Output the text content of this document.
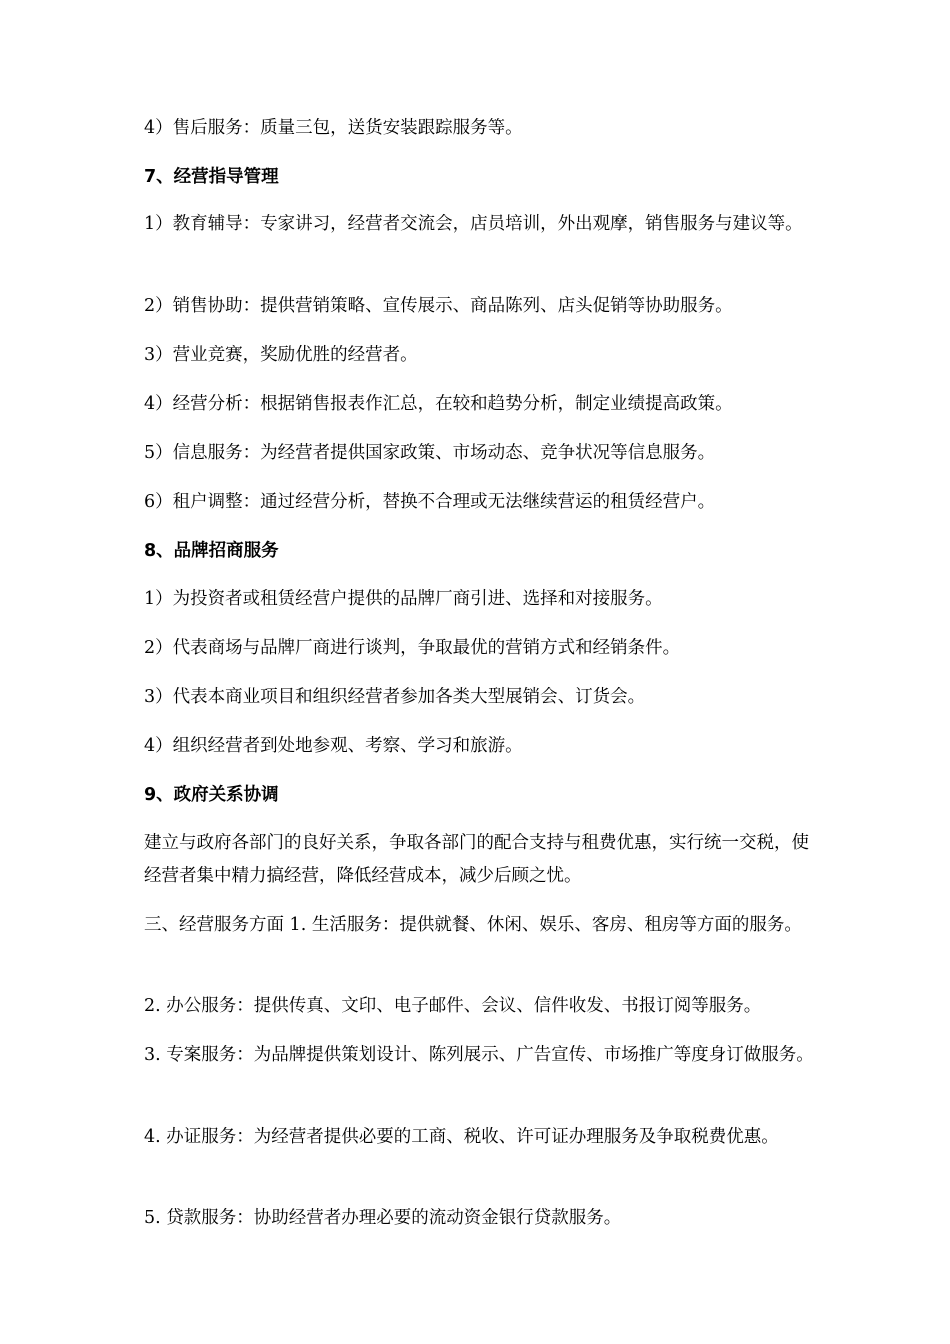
4）售后服务：质量三包，送货安装跟踪服务等。
7、经营指导管理
1）教育辅导：专家讲习，经营者交流会，店员培训，外出观摩，销售服务与建议等。
2）销售协助：提供营销策略、宣传展示、商品陈列、店头促销等协助服务。
3）营业竞赛，奖励优胜的经营者。
4）经营分析：根据销售报表作汇总，在较和趋势分析，制定业绩提高政策。
5）信息服务：为经营者提供国家政策、市场动态、竞争状况等信息服务。
6）租户调整：通过经营分析，替换不合理或无法继续营运的租赁经营户。
8、品牌招商服务
1）为投资者或租赁经营户提供的品牌厂商引进、选择和对接服务。
2）代表商场与品牌厂商进行谈判，争取最优的营销方式和经销条件。
3）代表本商业项目和组织经营者参加各类大型展销会、订货会。
4）组织经营者到处地参观、考察、学习和旅游。
9、政府关系协调
建立与政府各部门的良好关系，争取各部门的配合支持与租费优惠，实行统一交税，使经营者集中精力搞经营，降低经营成本，减少后顾之忧。
三、经营服务方面 1. 生活服务：提供就餐、休闲、娱乐、客房、租房等方面的服务。
2. 办公服务：提供传真、文印、电子邮件、会议、信件收发、书报订阅等服务。
3. 专案服务：为品牌提供策划设计、陈列展示、广告宣传、市场推广等度身订做服务。
4. 办证服务：为经营者提供必要的工商、税收、许可证办理服务及争取税费优惠。
5. 贷款服务：协助经营者办理必要的流动资金银行贷款服务。
